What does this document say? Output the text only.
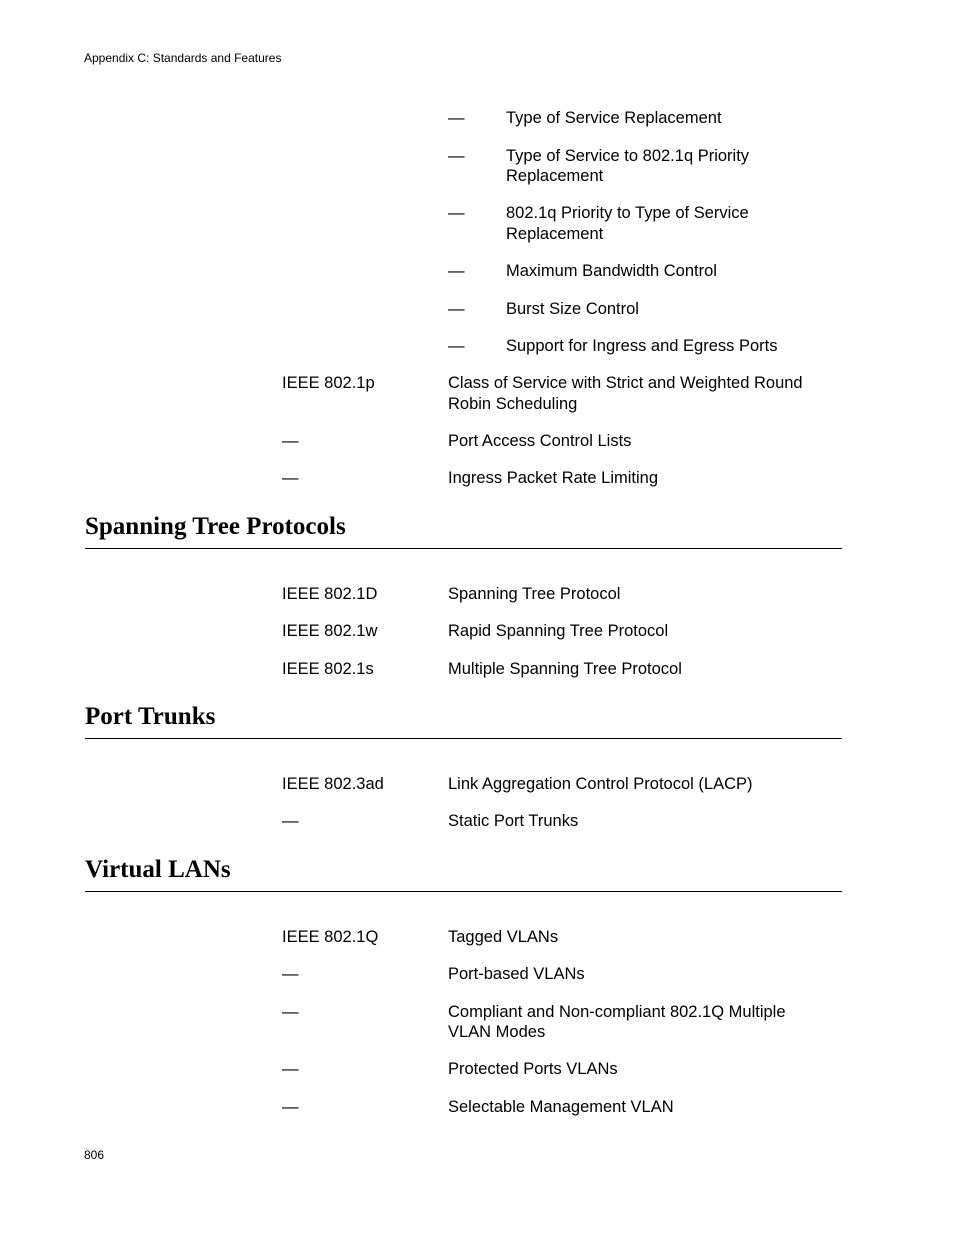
Appendix C: Standards and Features
—	Type of Service Replacement
—	Type of Service to 802.1q Priority
Replacement
—	802.1q Priority to Type of Service
Replacement
—	Maximum Bandwidth Control
—	Burst Size Control
—	Support for Ingress and Egress Ports
IEEE 802.1p	Class of Service with Strict and Weighted Round
Robin Scheduling
—	Port Access Control Lists
—	Ingress Packet Rate Limiting
Spanning Tree Protocols
IEEE 802.1D	Spanning Tree Protocol
IEEE 802.1w	Rapid Spanning Tree Protocol
IEEE 802.1s	Multiple Spanning Tree Protocol
Port Trunks
IEEE 802.3ad	Link Aggregation Control Protocol (LACP)
—	Static Port Trunks
Virtual LANs
IEEE 802.1Q	Tagged VLANs
—	Port-based VLANs
—	Compliant and Non-compliant 802.1Q Multiple
VLAN Modes
—	Protected Ports VLANs
—	Selectable Management VLAN
806
